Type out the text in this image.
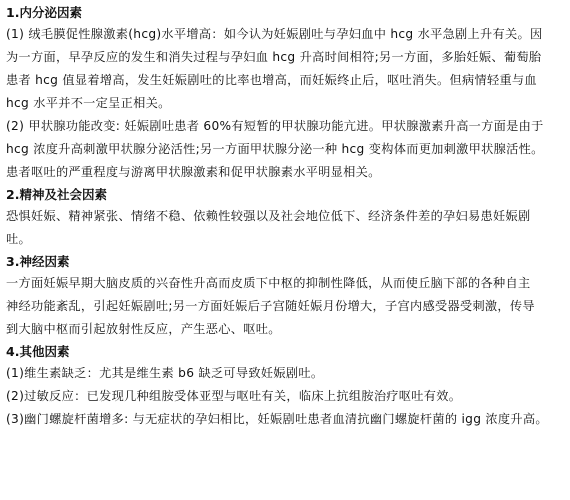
1.内分泌因素

(1) 绒毛膜促性腺激素(hcg)水平增高：如今认为妊娠剧吐与孕妇血中 hcg 水平急剧上升有关。因
为一方面，早孕反应的发生和消失过程与孕妇血 hcg 升高时间相符;另一方面，多胎妊娠、葡萄胎
患者 hcg 值显着增高，发生妊娠剧吐的比率也增高，而妊娠终止后，呕吐消失。但病情轻重与血
hcg 水平并不一定呈正相关。

(2) 甲状腺功能改变: 妊娠剧吐患者 60%有短暂的甲状腺功能亢进。甲状腺激素升高一方面是由于
hcg 浓度升高刺激甲状腺分泌活性;另一方面甲状腺分泌一种 hcg 变构体而更加刺激甲状腺活性。
患者呕吐的严重程度与游离甲状腺激素和促甲状腺素水平明显相关。

2.精神及社会因素

恐惧妊娠、精神紧张、情绪不稳、依赖性较强以及社会地位低下、经济条件差的孕妇易患妊娠剧
吐。

3.神经因素

一方面妊娠早期大脑皮质的兴奋性升高而皮质下中枢的抑制性降低，从而使丘脑下部的各种自主
神经功能紊乱，引起妊娠剧吐;另一方面妊娠后子宫随妊娠月份增大，子宫内感受器受刺激，传导
到大脑中枢而引起放射性反应，产生恶心、呕吐。

4.其他因素

(1)维生素缺乏：尤其是维生素 b6 缺乏可导致妊娠剧吐。

(2)过敏反应：已发现几种组胺受体亚型与呕吐有关，临床上抗组胺治疗呕吐有效。

(3)幽门螺旋杆菌增多: 与无症状的孕妇相比，妊娠剧吐患者血清抗幽门螺旋杆菌的 igg 浓度升高。
